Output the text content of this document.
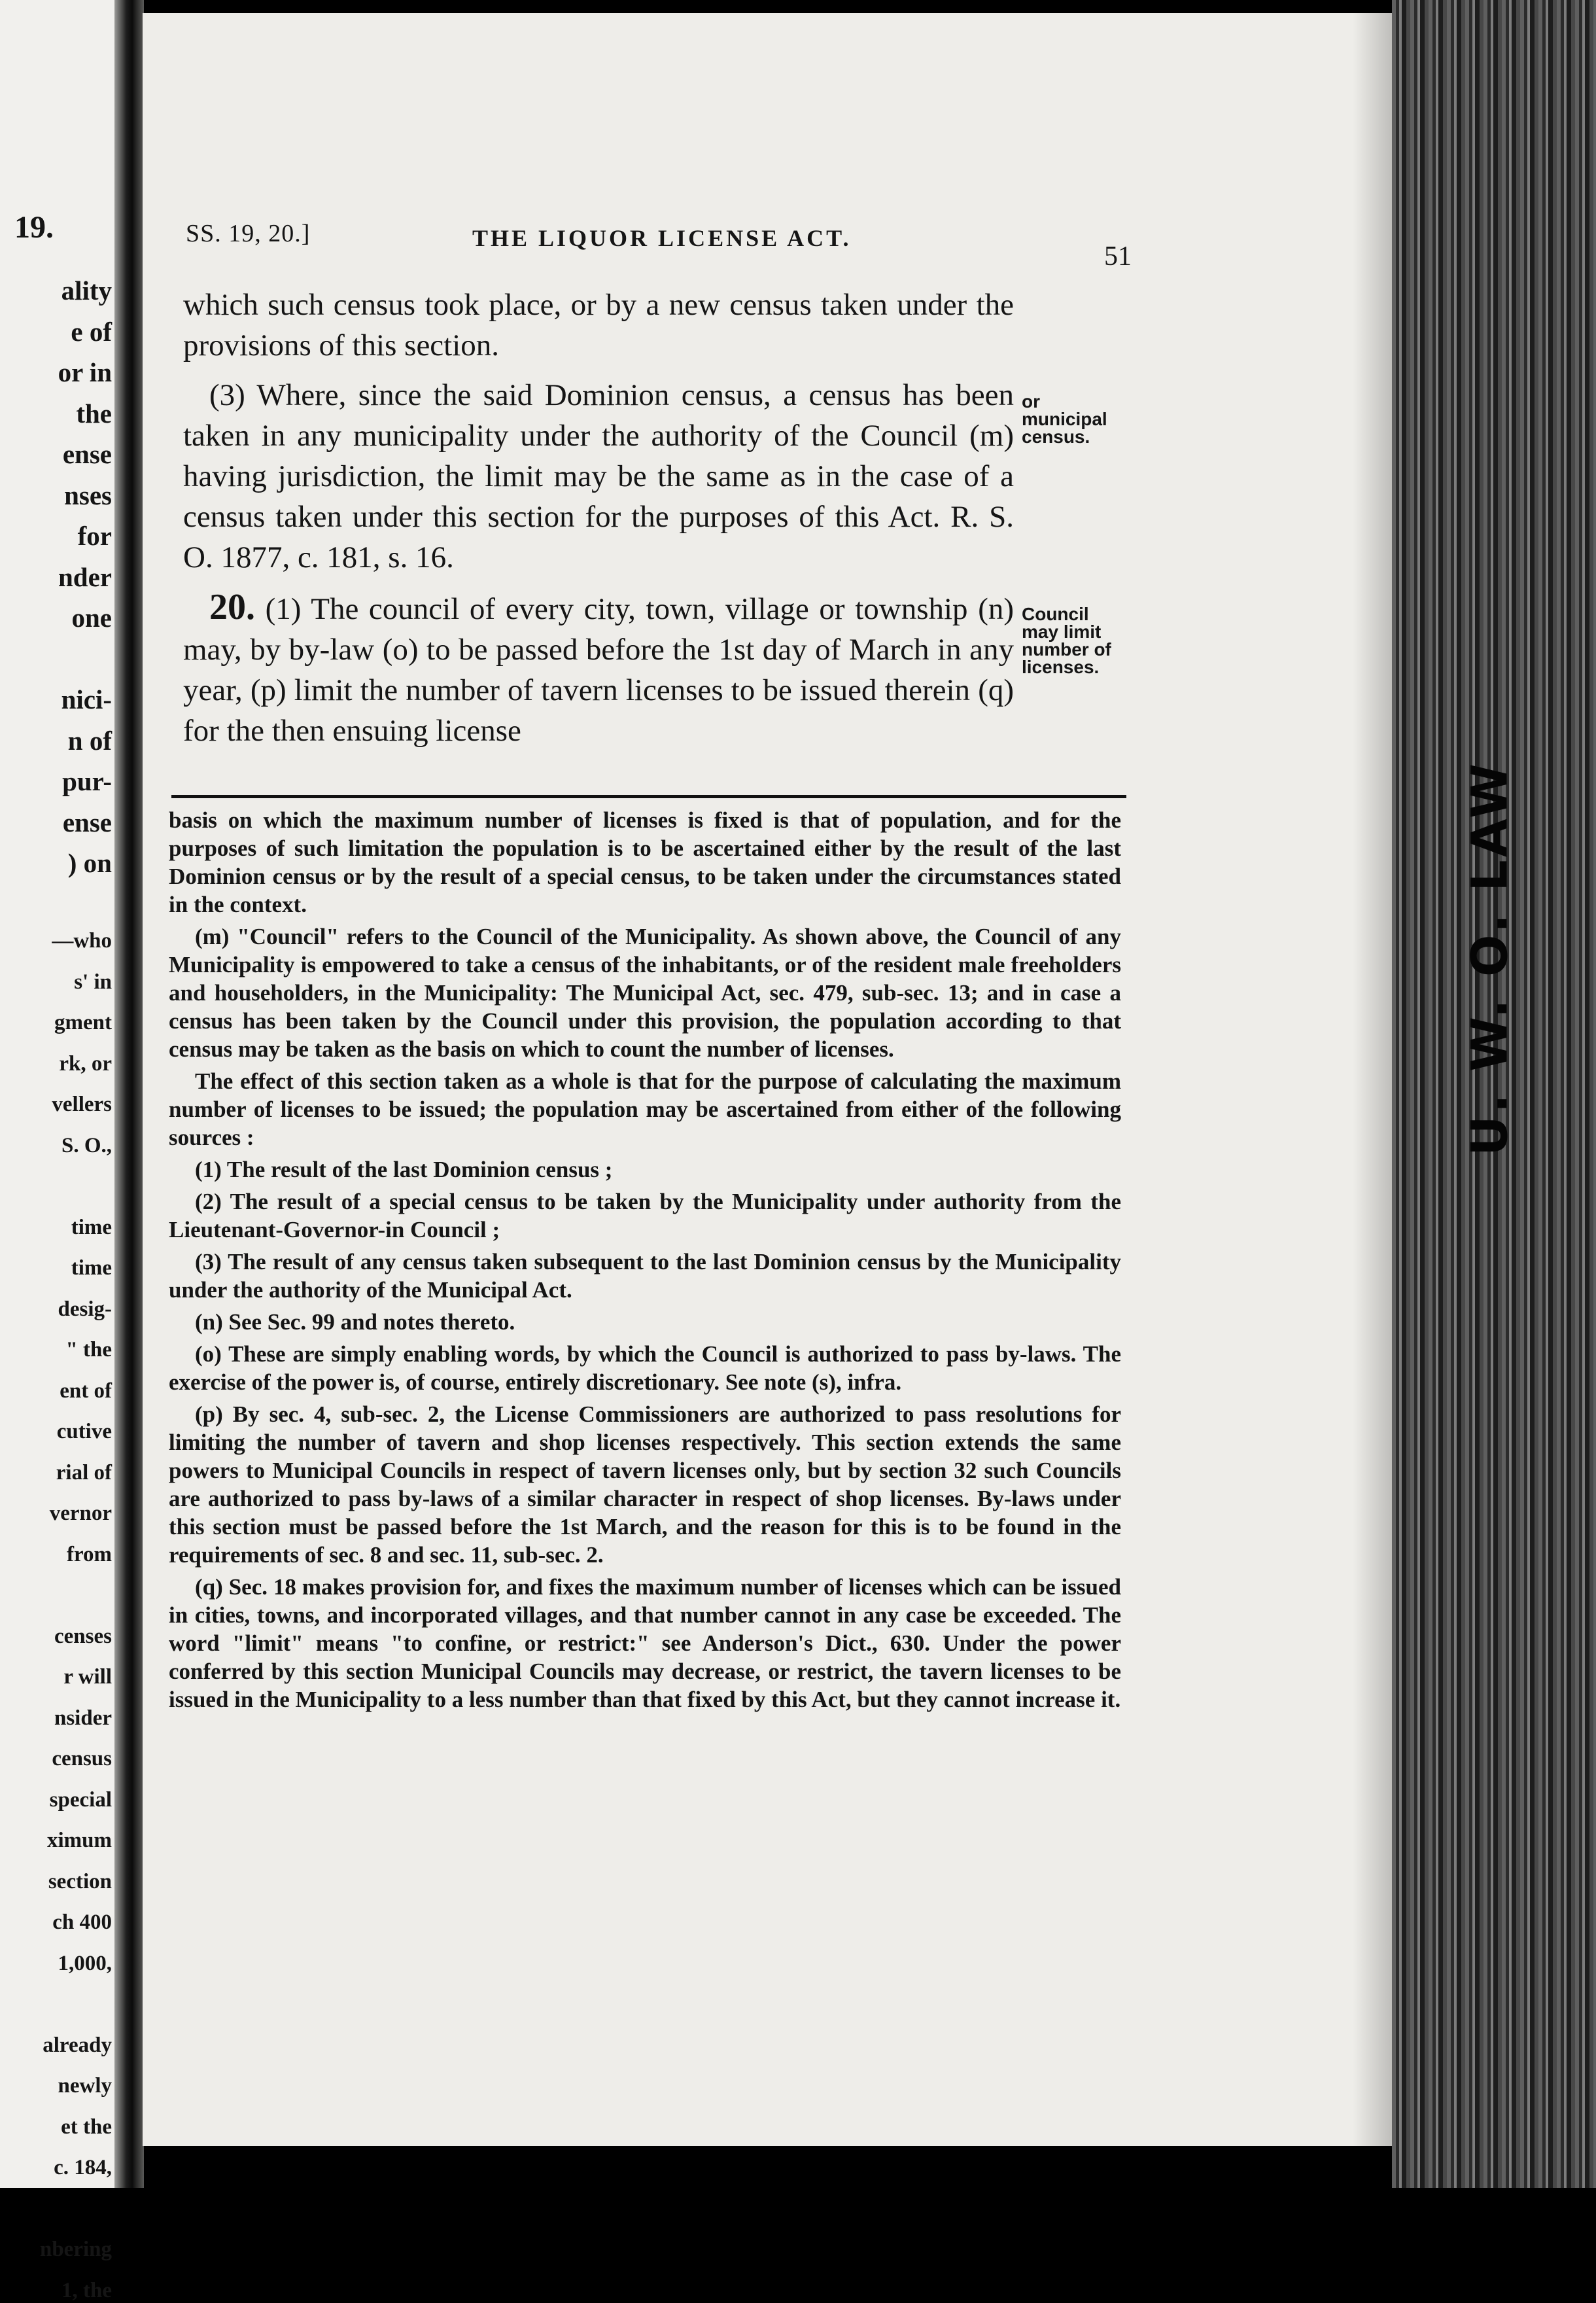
19.
ality
e of
or in
the
ense
nses
for
nder
one
nici-
n of
pur-
ense
) on
—who
s' in
gment
rk, or
vellers
S. O.,
time
time
desig-
" the
ent of
cutive
rial of
vernor
from
censes
r will
nsider
census
special
ximum
section
ch 400
1,000,
already
newly
et the
c. 184,
nbering
1, the
SS. 19, 20.]	THE LIQUOR LICENSE ACT.
51

which such census took place, or by a new census taken under the provisions of this section.

(3) Where, since the said Dominion census, a census has been taken in any municipality under the authority of the Council (m) having jurisdiction, the limit may be the same as in the case of a census taken under this section for the purposes of this Act. R. S. O. 1877, c. 181, s. 16.

20. (1) The council of every city, town, village or township (n) may, by by-law (o) to be passed before the 1st day of March in any year, (p) limit the number of tavern licenses to be issued therein (q) for the then ensuing license

or municipal census.
Council may limit number of licenses.

basis on which the maximum number of licenses is fixed is that of population, and for the purposes of such limitation the population is to be ascertained either by the result of the last Dominion census or by the result of a special census, to be taken under the circumstances stated in the context.

(m) "Council" refers to the Council of the Municipality. As shown above, the Council of any Municipality is empowered to take a census of the inhabitants, or of the resident male freeholders and householders, in the Municipality: The Municipal Act, sec. 479, sub-sec. 13; and in case a census has been taken by the Council under this provision, the population according to that census may be taken as the basis on which to count the number of licenses.

The effect of this section taken as a whole is that for the purpose of calculating the maximum number of licenses to be issued; the population may be ascertained from either of the following sources :

(1) The result of the last Dominion census ;

(2) The result of a special census to be taken by the Municipality under authority from the Lieutenant-Governor-in Council ;

(3) The result of any census taken subsequent to the last Dominion census by the Municipality under the authority of the Municipal Act.

(n) See Sec. 99 and notes thereto.

(o) These are simply enabling words, by which the Council is authorized to pass by-laws. The exercise of the power is, of course, entirely discretionary. See note (s), infra.

(p) By sec. 4, sub-sec. 2, the License Commissioners are authorized to pass resolutions for limiting the number of tavern and shop licenses respectively. This section extends the same powers to Municipal Councils in respect of tavern licenses only, but by section 32 such Councils are authorized to pass by-laws of a similar character in respect of shop licenses. By-laws under this section must be passed before the 1st March, and the reason for this is to be found in the requirements of sec. 8 and sec. 11, sub-sec. 2.

(q) Sec. 18 makes provision for, and fixes the maximum number of licenses which can be issued in cities, towns, and incorporated villages, and that number cannot in any case be exceeded. The word "limit" means "to confine, or restrict:" see Anderson's Dict., 630. Under the power conferred by this section Municipal Councils may decrease, or restrict, the tavern licenses to be issued in the Municipality to a less number than that fixed by this Act, but they cannot increase it.

U. W. O. LAW
